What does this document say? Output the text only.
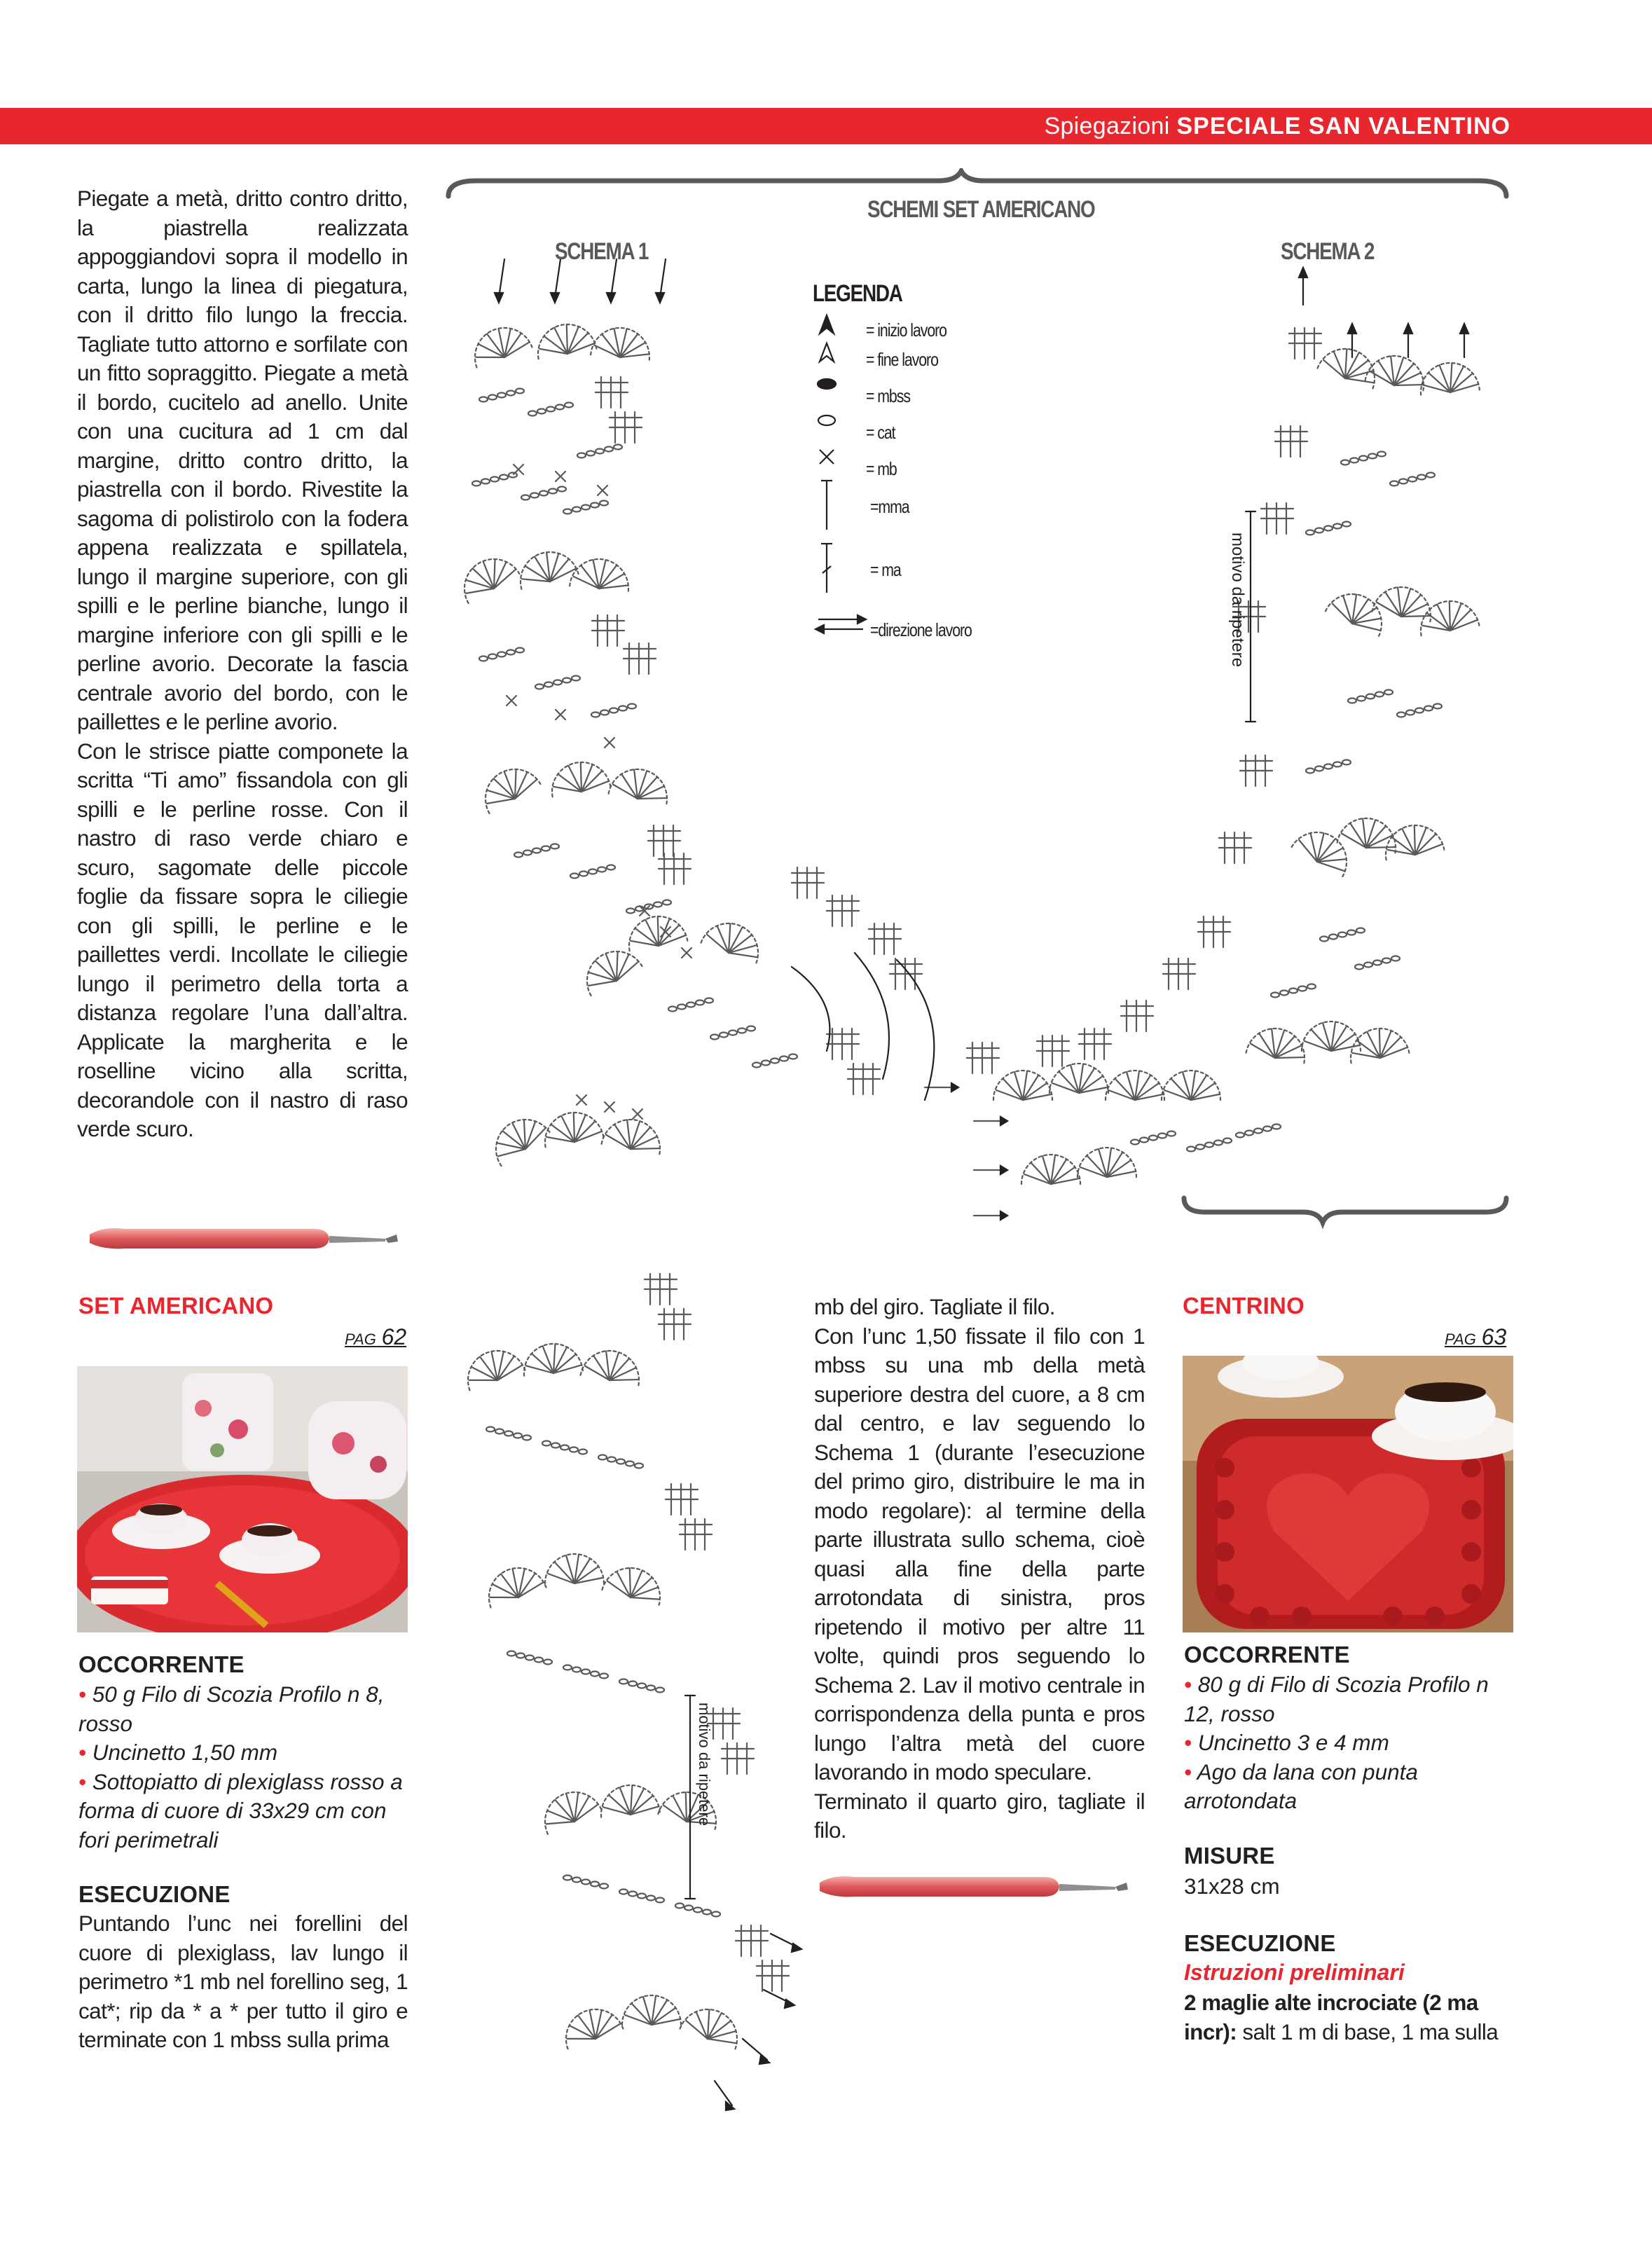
Spiegazioni SPECIALE SAN VALENTINO
Piegate a metà, dritto contro dritto, la piastrella realizzata appoggiandovi sopra il modello in carta, lungo la linea di piegatura, con il dritto filo lungo la freccia. Tagliate tutto attorno e sorfilate con un fitto sopraggitto. Piegate a metà il bordo, cucitelo ad anello. Unite con una cucitura ad 1 cm dal margine, dritto contro dritto, la piastrella con il bordo. Rivestite la sagoma di polistirolo con la fodera appena realizzata e spillatela, lungo il margine superiore, con gli spilli e le perline bianche, lungo il margine inferiore con gli spilli e le perline avorio. Decorate la fascia centrale avorio del bordo, con le paillettes e le perline avorio.
Con le strisce piatte componete la scritta “Ti amo” fissandola con gli spilli e le perline rosse. Con il nastro di raso verde chiaro e scuro, sagomate delle piccole foglie da fissare sopra le ciliegie con gli spilli, le perline e le paillettes verdi. Incollate le ciliegie lungo il perimetro della torta a distanza regolare l’una dall’altra. Applicate la margherita e le roselline vicino alla scritta, decorandole con il nastro di raso verde scuro.
SET AMERICANO
PAG 62
OCCORRENTE
• 50 g Filo di Scozia Profilo n 8, rosso
• Uncinetto 1,50 mm
• Sottopiatto di plexiglass rosso a forma di cuore di 33x29 cm con fori perimetrali
ESECUZIONE
Puntando l’unc nei forellini del cuore di plexiglass, lav lungo il perimetro *1 mb nel forellino seg, 1 cat*; rip da * a * per tutto il giro e terminate con 1 mbss sulla prima
mb del giro. Tagliate il filo.
Con l’unc 1,50 fissate il filo con 1 mbss su una mb della metà superiore destra del cuore, a 8 cm dal centro, e lav seguendo lo Schema 1 (durante l’esecuzione del primo giro, distribuire le ma in modo regolare): al termine della parte illustrata sullo schema, cioè quasi alla fine della parte arrotondata di sinistra, pros ripetendo il motivo per altre 11 volte, quindi pros seguendo lo Schema 2. Lav il motivo centrale in corrispondenza della punta e pros lungo l’altra metà del cuore lavorando in modo speculare.
Terminato il quarto giro, tagliate il filo.
CENTRINO
PAG 63
OCCORRENTE
• 80 g di Filo di Scozia Profilo n 12, rosso
• Uncinetto 3 e 4 mm
• Ago da lana con punta arrotondata
MISURE
31x28 cm
ESECUZIONE
Istruzioni preliminari
2 maglie alte incrociate (2 ma incr): salt 1 m di base, 1 ma sulla
SCHEMI SET AMERICANO
SCHEMA 1	SCHEMA 2
LEGENDA
= inizio lavoro
= fine lavoro
= mbss
= cat
= mb
=mma
= ma
=direzione lavoro	motivo da ripetere
motivo da ripetere
